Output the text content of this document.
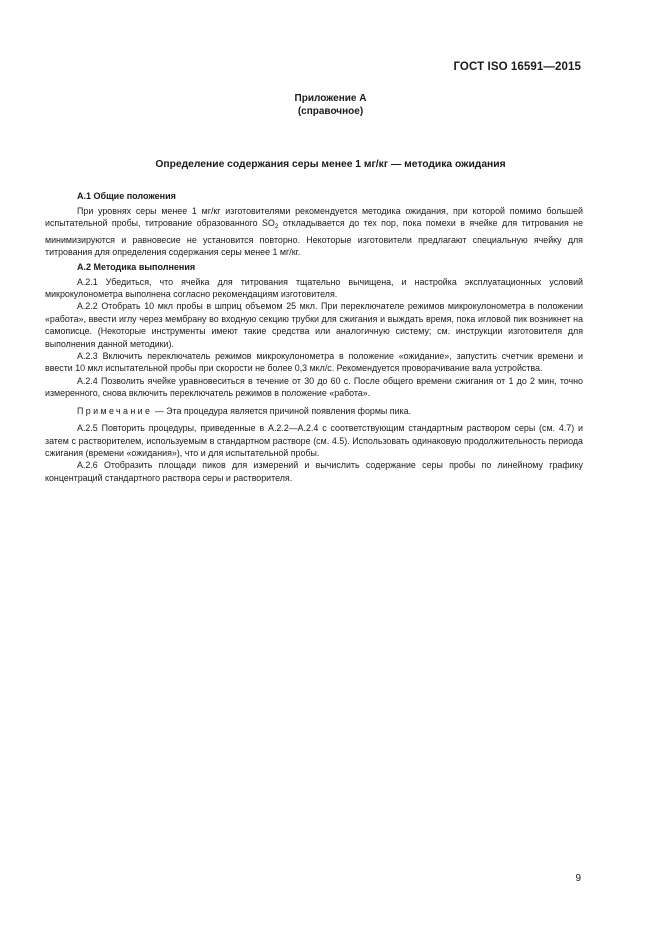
ГОСТ ISO 16591—2015
Приложение А
(справочное)
Определение содержания серы менее 1 мг/кг — методика ожидания
А.1 Общие положения

При уровнях серы менее 1 мг/кг изготовителями рекомендуется методика ожидания, при которой помимо большей испытательной пробы, титрование образованного $SO_2$ откладывается до тех пор, пока помехи в ячейке для титрования не минимизируются и равновесие не установится повторно. Некоторые изготовители предлагают специальную ячейку для титрования для определения содержания серы менее 1 мг/кг.

А.2 Методика выполнения

А.2.1 Убедиться, что ячейка для титрования тщательно вычищена, и настройка эксплуатационных условий микрокулонометра выполнена согласно рекомендациям изготовителя.

А.2.2 Отобрать 10 мкл пробы в шприц объемом 25 мкл. При переключателе режимов микрокулонометра в положении «работа», ввести иглу через мембрану во входную секцию трубки для сжигания и выждать время, пока игловой пик возникнет на самописце. (Некоторые инструменты имеют такие средства или аналогичную систему; см. инструкции изготовителя для выполнения данной методики).

А.2.3 Включить переключатель режимов микрокулонометра в положение «ожидание», запустить счетчик времени и ввести 10 мкл испытательной пробы при скорости не более 0,3 мкл/с. Рекомендуется проворачивание вала устройства.

А.2.4 Позволить ячейке уравновеситься в течение от 30 до 60 с. После общего времени сжигания от 1 до 2 мин, точно измеренного, снова включить переключатель режимов в положение «работа».

Примечание — Эта процедура является причиной появления формы пика.

А.2.5 Повторить процедуры, приведенные в А.2.2—А.2.4 с соответствующим стандартным раствором серы (см. 4.7) и затем с растворителем, используемым в стандартном растворе (см. 4.5). Использовать одинаковую продолжительность периода сжигания (времени «ожидания»), что и для испытательной пробы.

А.2.6 Отобразить площади пиков для измерений и вычислить содержание серы пробы по линейному графику концентраций стандартного раствора серы и растворителя.

9
